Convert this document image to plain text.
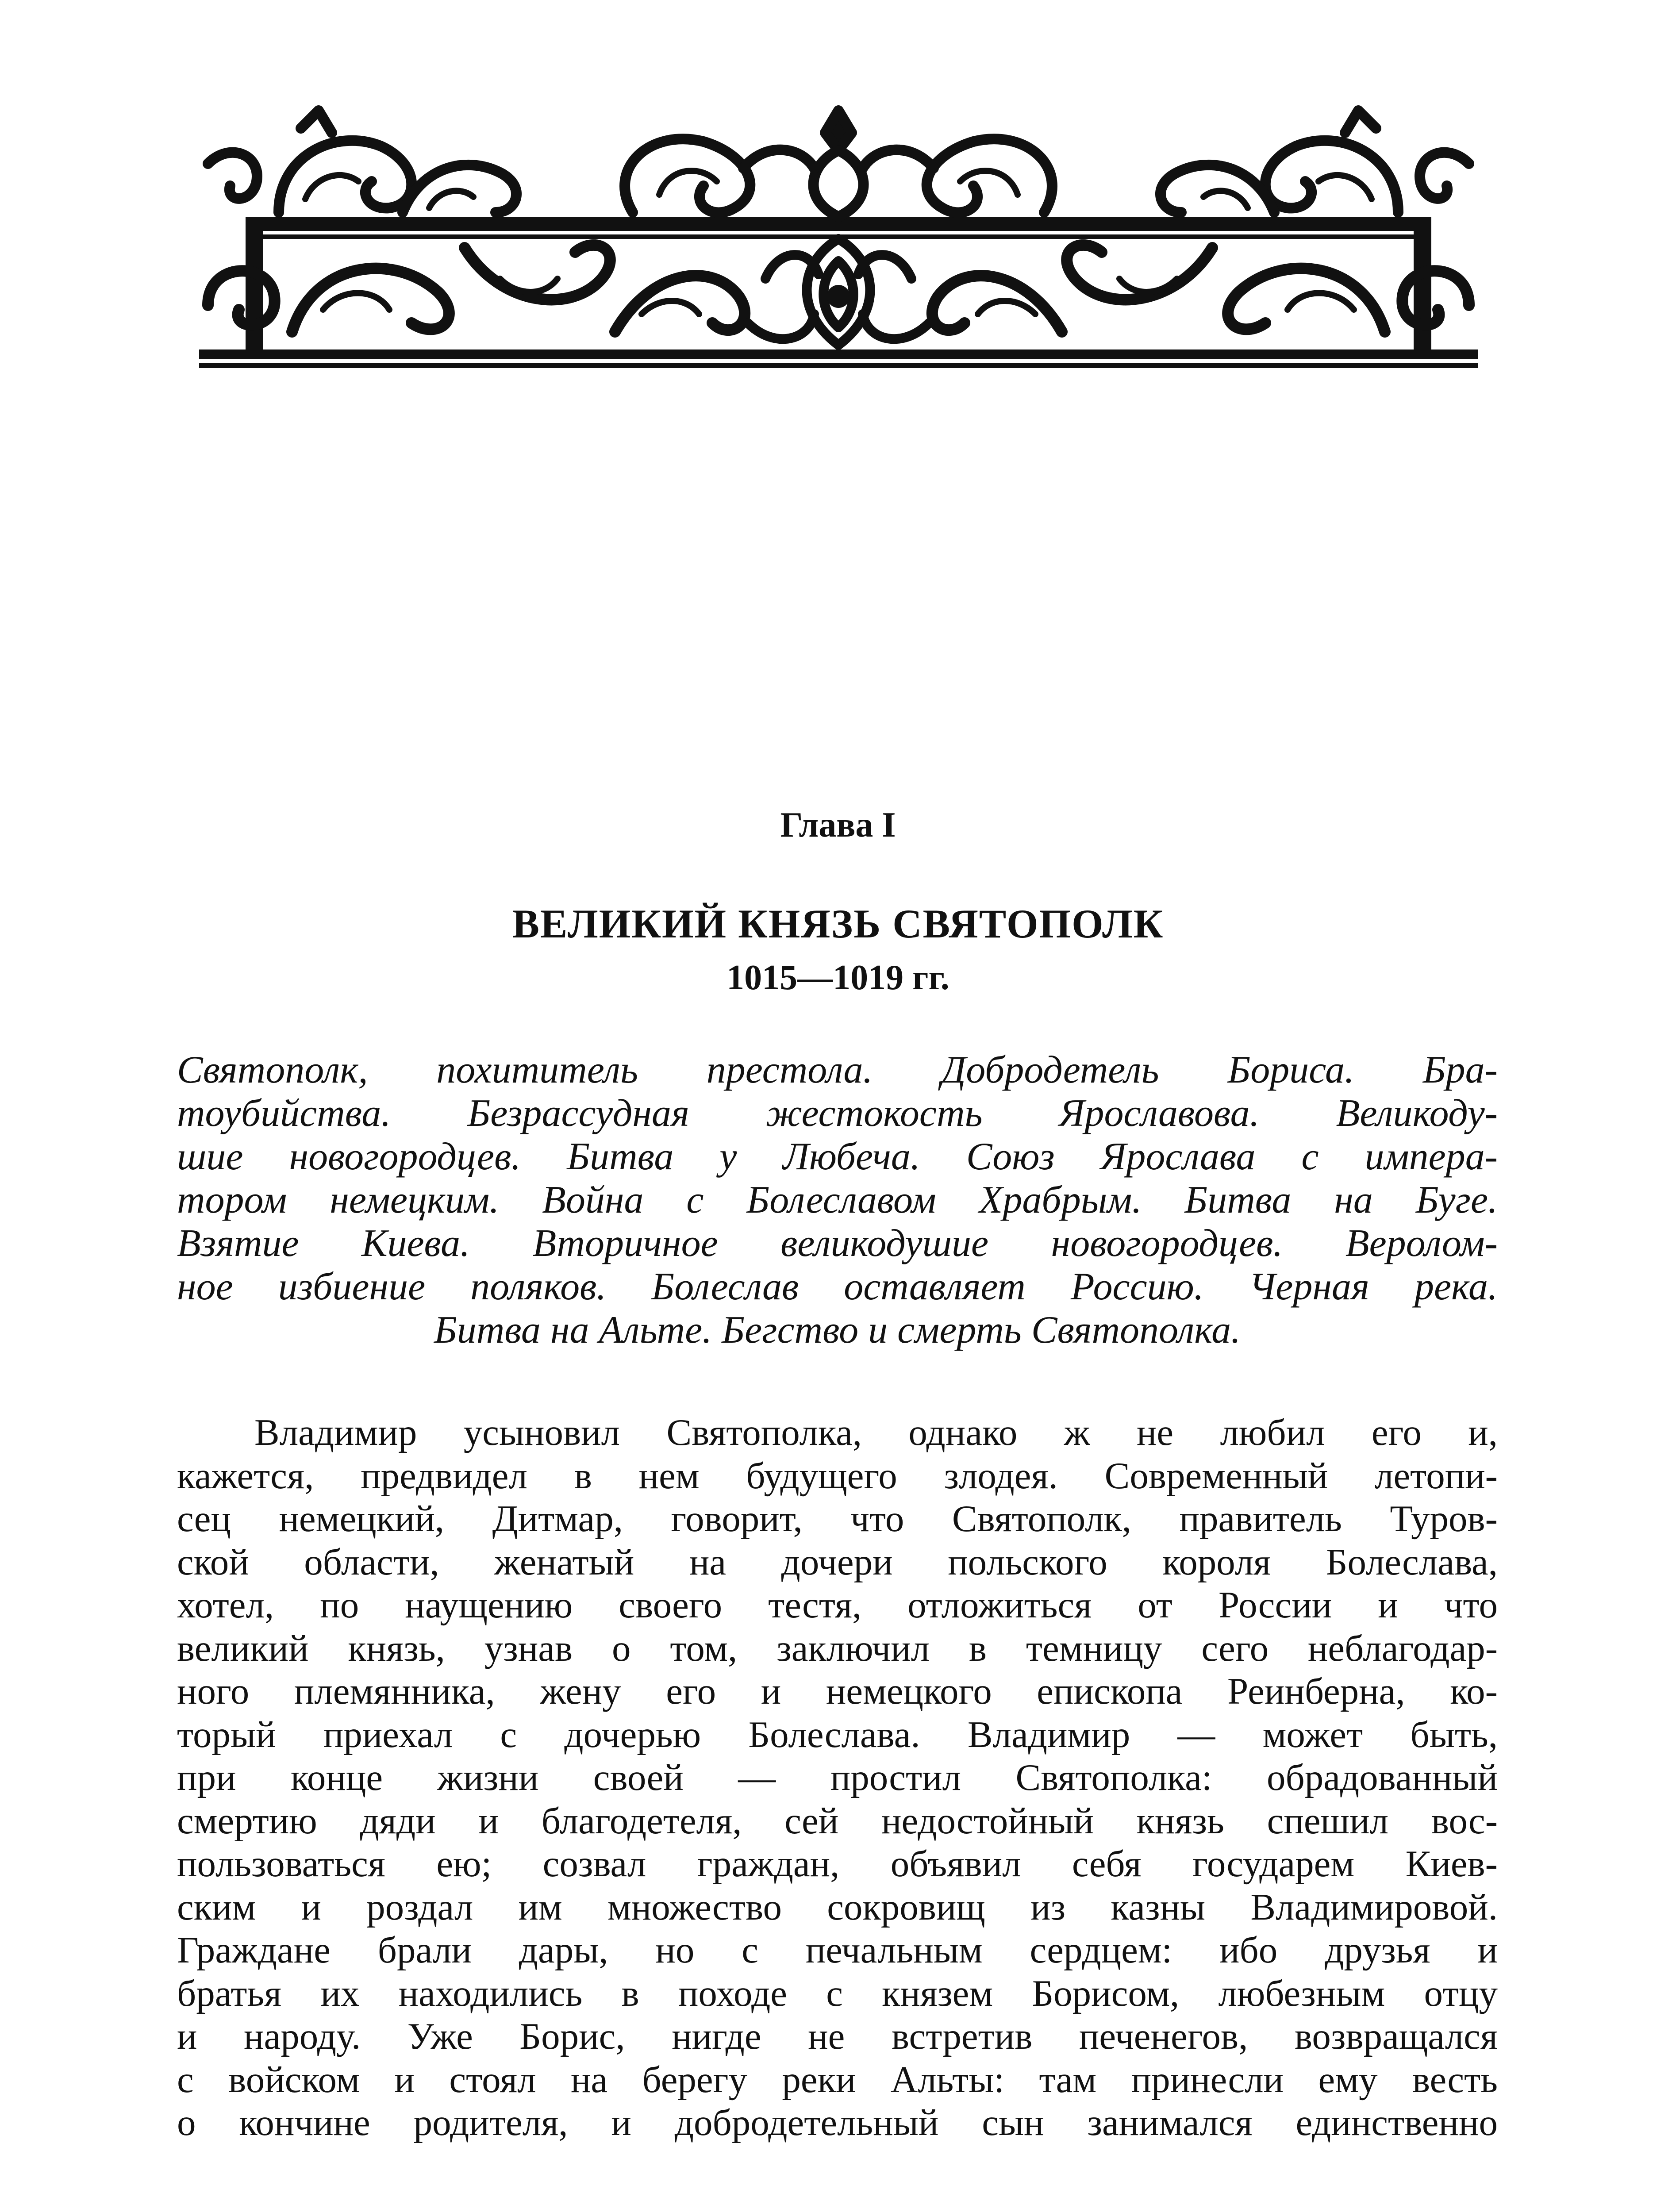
Глава I
ВЕЛИКИЙ КНЯЗЬ СВЯТОПОЛК
1015—1019 гг.
Святополк, похититель престола. Добродетель Бориса. Бра-
тоубийства. Безрассудная жестокость Ярославова. Великоду-
шие новогородцев. Битва у Любеча. Союз Ярослава с импера-
тором немецким. Война с Болеславом Храбрым. Битва на Буге.
Взятие Киева. Вторичное великодушие новогородцев. Веролом-
ное избиение поляков. Болеслав оставляет Россию. Черная река.
Битва на Альте. Бегство и смерть Святополка.
Владимир усыновил Святополка, однако ж не любил его и,
кажется, предвидел в нем будущего злодея. Современный летопи-
сец немецкий, Дитмар, говорит, что Святополк, правитель Туров-
ской области, женатый на дочери польского короля Болеслава,
хотел, по наущению своего тестя, отложиться от России и что
великий князь, узнав о том, заключил в темницу сего неблагодар-
ного племянника, жену его и немецкого епископа Реинберна, ко-
торый приехал с дочерью Болеслава. Владимир — может быть,
при конце жизни своей — простил Святополка: обрадованный
смертию дяди и благодетеля, сей недостойный князь спешил вос-
пользоваться ею; созвал граждан, объявил себя государем Киев-
ским и роздал им множество сокровищ из казны Владимировой.
Граждане брали дары, но с печальным сердцем: ибо друзья и
братья их находились в походе с князем Борисом, любезным отцу
и народу. Уже Борис, нигде не встретив печенегов, возвращался
с войском и стоял на берегу реки Альты: там принесли ему весть
о кончине родителя, и добродетельный сын занимался единственно
